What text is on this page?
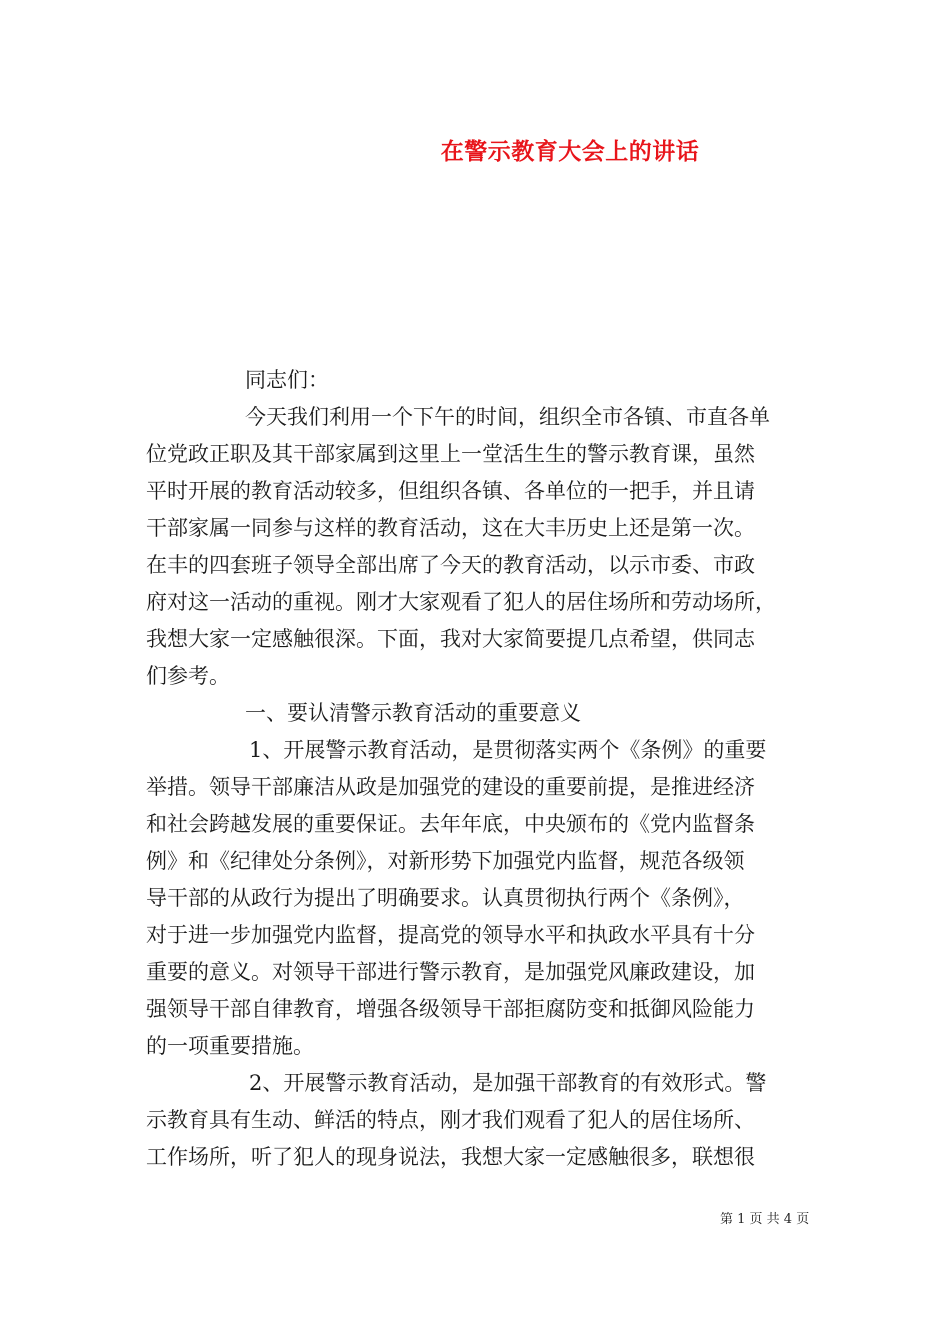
在警示教育大会上的讲话
同志们：
今天我们利用一个下午的时间，组织全市各镇、市直各单
位党政正职及其干部家属到这里上一堂活生生的警示教育课，虽然
平时开展的教育活动较多，但组织各镇、各单位的一把手，并且请
干部家属一同参与这样的教育活动，这在大丰历史上还是第一次。
在丰的四套班子领导全部出席了今天的教育活动，以示市委、市政
府对这一活动的重视。刚才大家观看了犯人的居住场所和劳动场所，
我想大家一定感触很深。下面，我对大家简要提几点希望，供同志
们参考。
一、要认清警示教育活动的重要意义
1、开展警示教育活动，是贯彻落实两个《条例》的重要
举措。领导干部廉洁从政是加强党的建设的重要前提，是推进经济
和社会跨越发展的重要保证。去年年底，中央颁布的《党内监督条
例》和《纪律处分条例》，对新形势下加强党内监督，规范各级领
导干部的从政行为提出了明确要求。认真贯彻执行两个《条例》，
对于进一步加强党内监督，提高党的领导水平和执政水平具有十分
重要的意义。对领导干部进行警示教育，是加强党风廉政建设，加
强领导干部自律教育，增强各级领导干部拒腐防变和抵御风险能力
的一项重要措施。
2、开展警示教育活动，是加强干部教育的有效形式。警
示教育具有生动、鲜活的特点，刚才我们观看了犯人的居住场所、
工作场所，听了犯人的现身说法，我想大家一定感触很多，联想很
第 1 页 共 4 页
